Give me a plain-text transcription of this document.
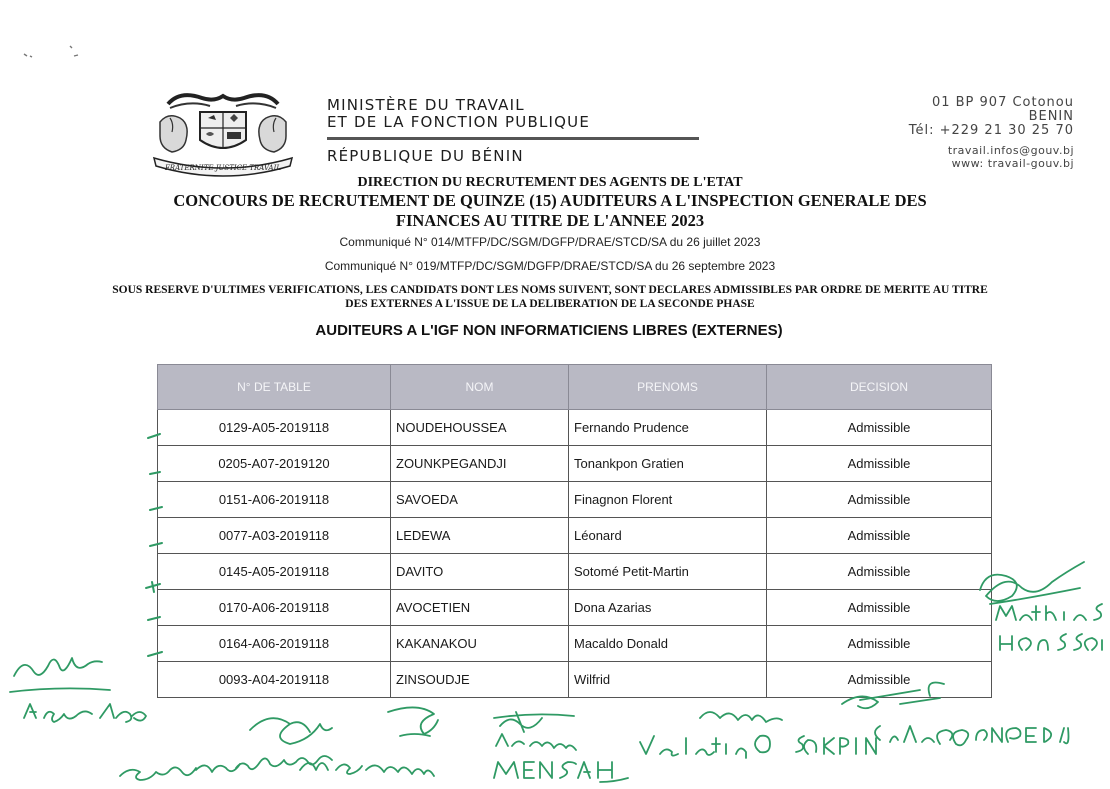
FRATERNITE JUSTICE TRAVAIL
MINISTÈRE DU TRAVAIL
ET DE LA FONCTION PUBLIQUE
RÉPUBLIQUE DU BÉNIN
01 BP 907 Cotonou
BENIN
Tél: +229 21 30 25 70
travail.infos@gouv.bj
www: travail-gouv.bj
DIRECTION DU RECRUTEMENT DES AGENTS DE L'ETAT
CONCOURS DE RECRUTEMENT DE QUINZE (15) AUDITEURS A L'INSPECTION GENERALE DES FINANCES AU TITRE DE L'ANNEE 2023
Communiqué N° 014/MTFP/DC/SGM/DGFP/DRAE/STCD/SA du 26 juillet 2023
Communiqué N° 019/MTFP/DC/SGM/DGFP/DRAE/STCD/SA du 26 septembre 2023
SOUS RESERVE D'ULTIMES VERIFICATIONS, LES CANDIDATS DONT LES NOMS SUIVENT, SONT DECLARES ADMISSIBLES PAR ORDRE DE MERITE AU TITRE DES EXTERNES A L'ISSUE DE LA DELIBERATION DE LA SECONDE PHASE
AUDITEURS A L'IGF NON INFORMATICIENS LIBRES (EXTERNES)
N° DE TABLE	NOM	PRENOMS	DECISION
0129-A05-2019118	NOUDEHOUSSEA	Fernando Prudence	Admissible
0205-A07-2019120	ZOUNKPEGANDJI	Tonankpon Gratien	Admissible
0151-A06-2019118	SAVOEDA	Finagnon Florent	Admissible
0077-A03-2019118	LEDEWA	Léonard	Admissible
0145-A05-2019118	DAVITO	Sotomé Petit-Martin	Admissible
0170-A06-2019118	AVOCETIEN	Dona Azarias	Admissible
0164-A06-2019118	KAKANAKOU	Macaldo Donald	Admissible
0093-A04-2019118	ZINSOUDJE	Wilfrid	Admissible
